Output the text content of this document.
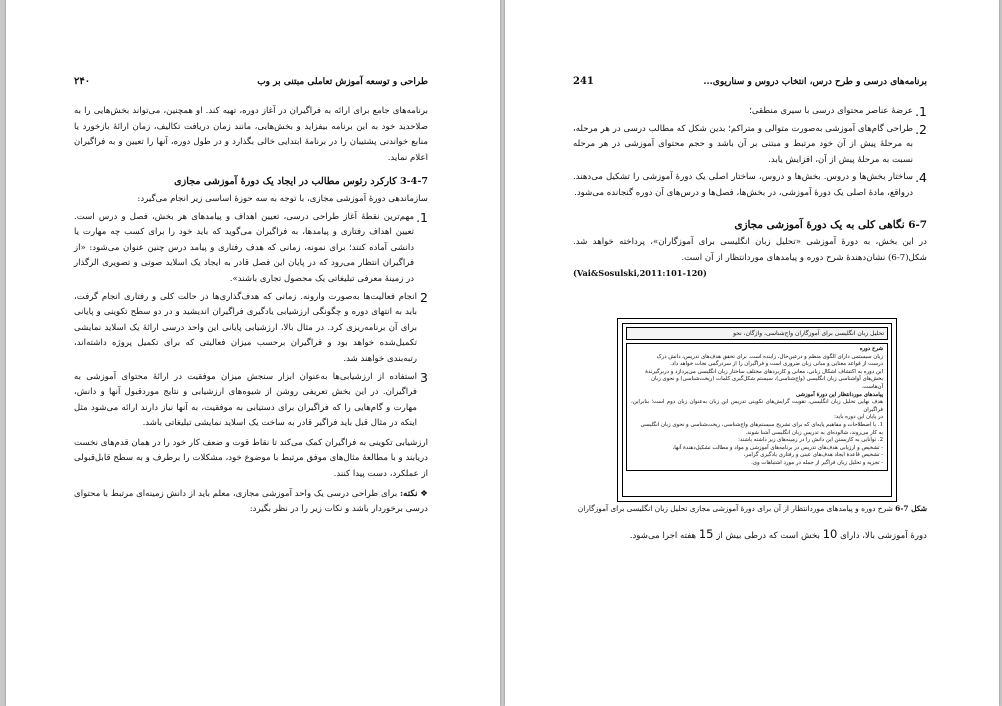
طراحی و توسعه آموزش تعاملی مبتنی بر وب
۲۴۰

برنامه‌های جامع برای ارائه به فراگیران در آغاز دوره، تهیه کند. او همچنین، می‌تواند بخش‌هایی را به صلاحدید خود به این برنامه بیفزاید و بخش‌هایی، مانند زمان دریافت تکالیف، زمان ارائهٔ بازخورد یا منابع خواندنی پشتیبان را در برنامهٔ ابتدایی خالی بگذارد و در طول دوره، آنها را تعیین و به فراگیران اعلام نماید.

3-4-7 کارکرد رئوس مطالب در ایجاد یک دورهٔ آموزشی مجازی

سازماندهی دورهٔ آموزشی مجازی، با توجه به سه حوزهٔ اساسی زیر انجام می‌گیرد:

1.
مهم‌ترین نقطهٔ آغاز طراحی درسی، تعیین اهداف و پیامدهای هر بخش، فصل و درس است. تعیین اهداف رفتاری و پیامدها، به فراگیران می‌گوید که باید خود را برای کسب چه مهارت یا دانشی آماده کنند؛ برای نمونه، زمانی که هدف رفتاری و پیامد درس چنین عنوان می‌شود: «از فراگیران انتظار می‌رود که در پایان این فصل قادر به ایجاد یک اسلاید صوتی و تصویری الرگذار در زمینهٔ معرفی تبلیغاتی یک محصول تجاری باشند».
2
انجام فعالیت‌ها به‌صورت وارونه. زمانی که هدف‌گذاری‌ها در حالت کلی و رفتاری انجام گرفت، باید به انتهای دوره و چگونگی ارزشیابی یادگیری فراگیران اندیشید و در دو سطح تکوینی و پایانی برای آن برنامه‌ریزی کرد. در مثال بالا، ارزشیابی پایانی این واحد درسی ارائهٔ یک اسلاید نمایشی تکمیل‌شده خواهد بود و فراگیران برحسب میزان فعالیتی که برای تکمیل پروژه داشته‌اند، رتبه‌بندی خواهند شد.
3
استفاده از ارزشیابی‌ها به‌عنوان ابزار سنجش میزان موفقیت در ارائهٔ محتوای آموزشی به فراگیران. در این بخش تعریفی روشن از شیوه‌های ارزشیابی و نتایج موردقبول آنها و دانش، مهارت و گام‌هایی را که فراگیران برای دستیابی به موفقیت، به آنها نیاز دارند ارائه می‌شود مثل اینکه در مثال قبل باید فراگیر قادر به ساخت یک اسلاید نمایشی تبلیغاتی باشد.

ارزشیابی تکوینی به فراگیران کمک می‌کند تا نقاط قوت و ضعف کار خود را در همان قدم‌های نخست دریابند و با مطالعهٔ مثال‌های موفق مرتبط با موضوع خود، مشکلات را برطرف و به سطح قابل‌قبولی از عملکرد، دست پیدا کنند.

❖ نکته: برای طراحی درسی یک واحد آموزشی مجازی، معلم باید از دانش زمینه‌ای مرتبط با محتوای درسی برخوردار باشد و نکات زیر را در نظر بگیرد:

برنامه‌های درسی و طرح درس، انتخاب دروس و سناریوی...
241
1.
عرضهٔ عناصر محتوای درسی با سیری منطقی؛
2.
طراحی گام‌های آموزشی به‌صورت متوالی و متراکم؛ بدین شکل که مطالب درسی در هر مرحله، به مرحلهٔ پیش از آن خود مرتبط و مبتنی بر آن باشد و حجم محتوای آموزشی در هر مرحله نسبت به مرحلهٔ پیش از آن، افزایش یابد.
4.
ساختار بخش‌ها و دروس. بخش‌ها و دروس، ساختار اصلی یک دورهٔ آموزشی را تشکیل می‌دهند. درواقع، مادهٔ اصلی یک دورهٔ آموزشی، در بخش‌ها، فصل‌ها و درس‌های آن دوره گنجانده می‌شود.
6-7 نگاهی کلی به یک دورهٔ آموزشی مجازی

در این بخش، به دورهٔ آموزشی «تحلیل زبان انگلیسی برای آموزگاران»، پرداخته خواهد شد. شکل(7-6) نشان‌دهندهٔ شرح دوره و پیامدهای موردانتظار از آن است.

(Vai&Sosulski,2011:101-120)
تحلیل زبان انگلیسی برای آموزگاران واج‌شناسی، واژگان، نحو
شرح دوره
زبان سیستمی دارای الگوی منظم و درعین‌حال، زاینده است. برای تحقق هدف‌های تدریس، دانش درک
درست از قواعد معنایی و مبانی زبان ضروری است و فراگیران را از سردرگمی نجات خواهد داد.
این دوره به اکتشاف اشکال زبانی، معانی و کاربردهای مختلف ساختار زبان انگلیسی می‌پردازد و دربرگیرندهٔ
بخش‌های آواشناسی زبان انگلیسی (واج‌شناسی)، سیستم شکل‌گیری کلمات (ریخت‌شناسی) و نحوی زبان
آن‌هاست.
پیامدهای موردانتظار این دورهٔ آموزشی
هدف نهایی تحلیل زبان انگلیسی، تقویت گرایش‌های تکوینی تدریس این زبان به‌عنوان زبان دوم است؛ بنابراین، فراگیران
در پایان این دوره باید:
1. با اصطلاحات و مفاهیم پایه‌ای که برای تشریح سیستم‌های واج‌شناسی، ریخت‌شناسی و نحوی زبان انگلیسی
به کار می‌روند، شالوده‌ای به تدریس زبان انگلیسی آشنا شوند.
2. توانایی به کاربستن این دانش را در زمینه‌های زیر داشته باشند:
- تشخیص و ارزیابی هدف‌های تدریس در برنامه‌های آموزشی و مواد و مطالب تشکیل‌دهندهٔ آنها،
- تشخیص قاعدهٔ ایجاد هدف‌های عینی و رفتاری یادگیری گرامر،
- تجزیه و تحلیل زبان فراگیر از جمله در مورد اشتباهات وی.
شکل 7-6 شرح دوره و پیامدهای موردانتظار از آن برای دورهٔ آموزشی مجازی تحلیل زبان انگلیسی برای آموزگاران
دورهٔ آموزشی بالا، دارای 10 بخش است که درطی بیش از 15 هفته اجرا می‌شود.
